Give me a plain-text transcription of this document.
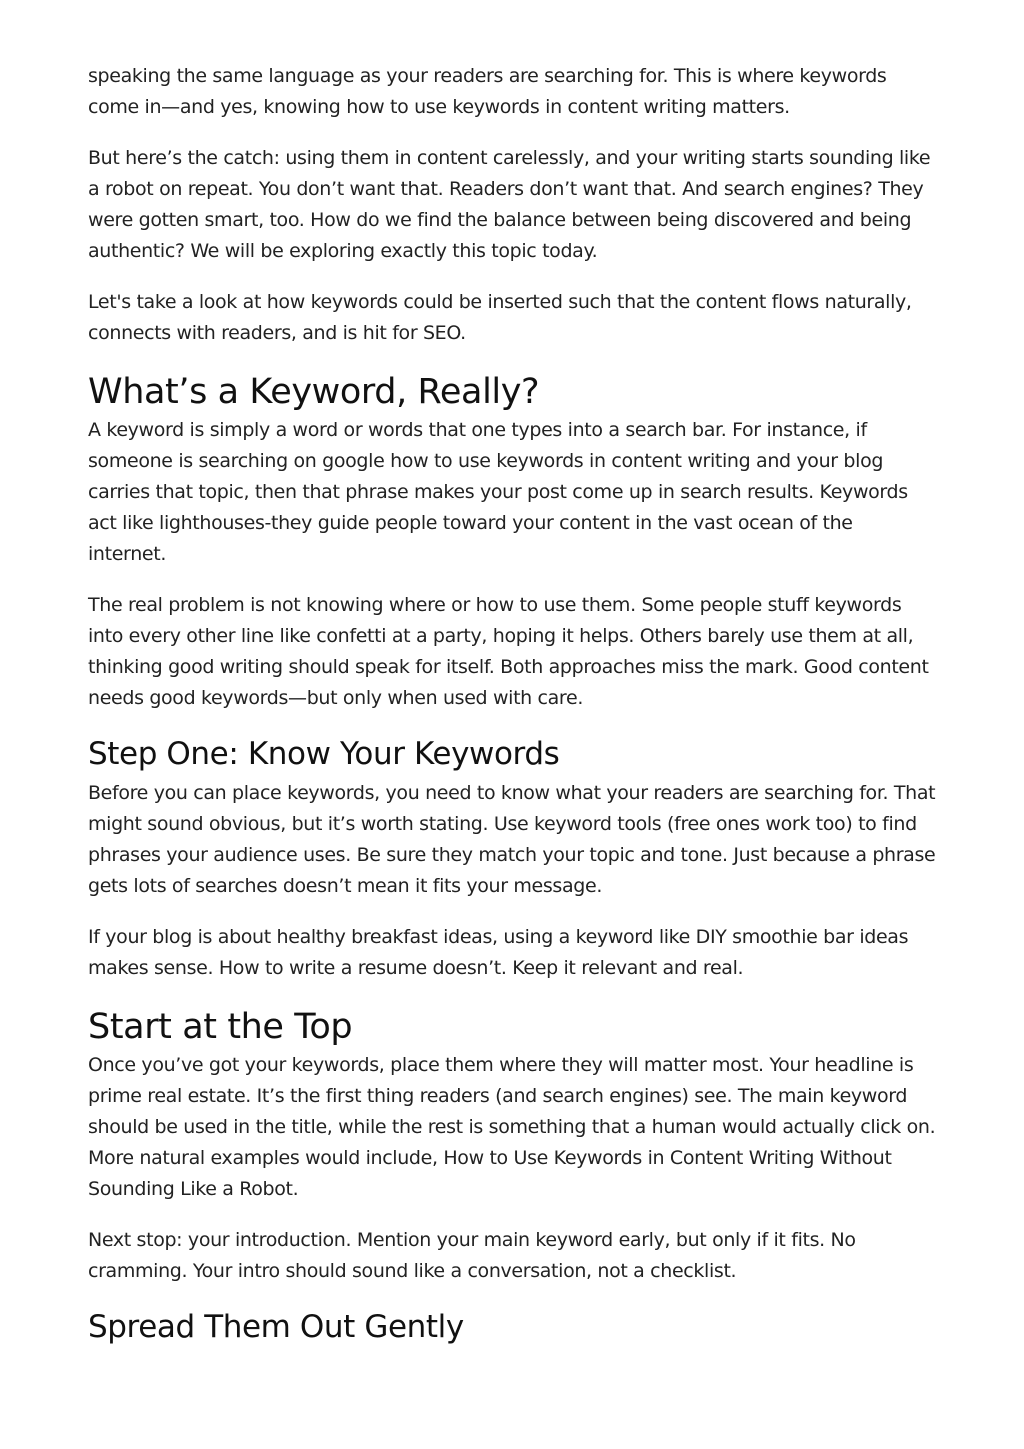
speaking the same language as your readers are searching for. This is where keywords come in—and yes, knowing how to use keywords in content writing matters.

But here’s the catch: using them in content carelessly, and your writing starts sounding like a robot on repeat. You don’t want that. Readers don’t want that. And search engines? They were gotten smart, too. How do we find the balance between being discovered and being authentic? We will be exploring exactly this topic today.

Let's take a look at how keywords could be inserted such that the content flows naturally, connects with readers, and is hit for SEO.

What’s a Keyword, Really?

A keyword is simply a word or words that one types into a search bar. For instance, if someone is searching on google how to use keywords in content writing and your blog carries that topic, then that phrase makes your post come up in search results. Keywords act like lighthouses-they guide people toward your content in the vast ocean of the internet.

The real problem is not knowing where or how to use them. Some people stuff keywords into every other line like confetti at a party, hoping it helps. Others barely use them at all, thinking good writing should speak for itself. Both approaches miss the mark. Good content needs good keywords—but only when used with care.

Step One: Know Your Keywords

Before you can place keywords, you need to know what your readers are searching for. That might sound obvious, but it’s worth stating. Use keyword tools (free ones work too) to find phrases your audience uses. Be sure they match your topic and tone. Just because a phrase gets lots of searches doesn’t mean it fits your message.

If your blog is about healthy breakfast ideas, using a keyword like DIY smoothie bar ideas makes sense. How to write a resume doesn’t. Keep it relevant and real.

Start at the Top

Once you’ve got your keywords, place them where they will matter most. Your headline is prime real estate. It’s the first thing readers (and search engines) see. The main keyword should be used in the title, while the rest is something that a human would actually click on. More natural examples would include, How to Use Keywords in Content Writing Without Sounding Like a Robot.

Next stop: your introduction. Mention your main keyword early, but only if it fits. No cramming. Your intro should sound like a conversation, not a checklist.

Spread Them Out Gently
